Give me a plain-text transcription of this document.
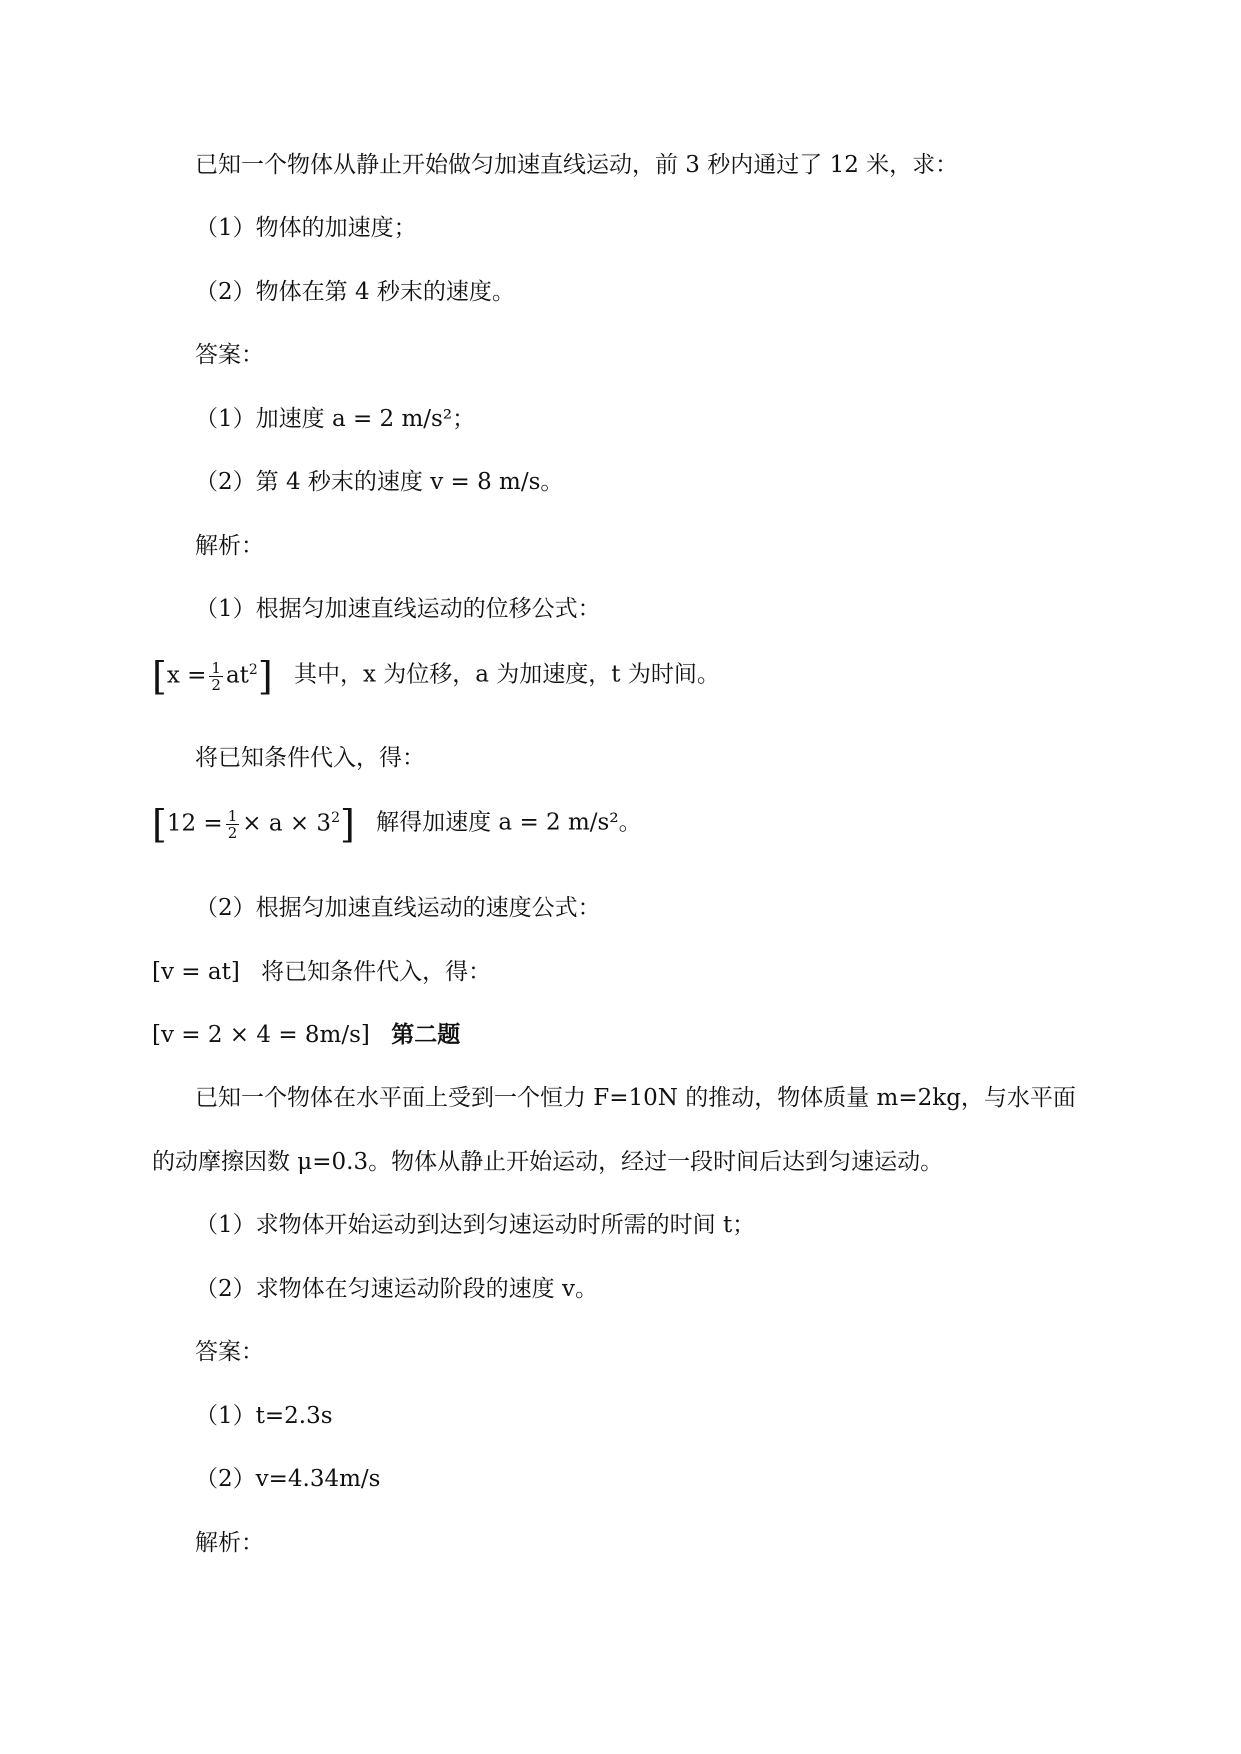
已知一个物体从静止开始做匀加速直线运动，前 3 秒内通过了 12 米，求：
（1）物体的加速度；
（2）物体在第 4 秒末的速度。
答案：
（1）加速度 a = 2 m/s²；
（2）第 4 秒末的速度 v = 8 m/s。
解析：
（1）根据匀加速直线运动的位移公式：
$[x = \frac{1}{2} at^2]$ 其中，x 为位移，a 为加速度，t 为时间。
将已知条件代入，得：
$[12 = \frac{1}{2} \times a \times 3^2]$ 解得加速度 a = 2 m/s²。
（2）根据匀加速直线运动的速度公式：
[v = at] 将已知条件代入，得：
[v = 2 × 4 = 8m/s] 第二题
已知一个物体在水平面上受到一个恒力 F=10N 的推动，物体质量 m=2kg，与水平面
的动摩擦因数 μ=0.3。物体从静止开始运动，经过一段时间后达到匀速运动。
（1）求物体开始运动到达到匀速运动时所需的时间 t；
（2）求物体在匀速运动阶段的速度 v。
答案：
（1）t=2.3s
（2）v=4.34m/s
解析：
